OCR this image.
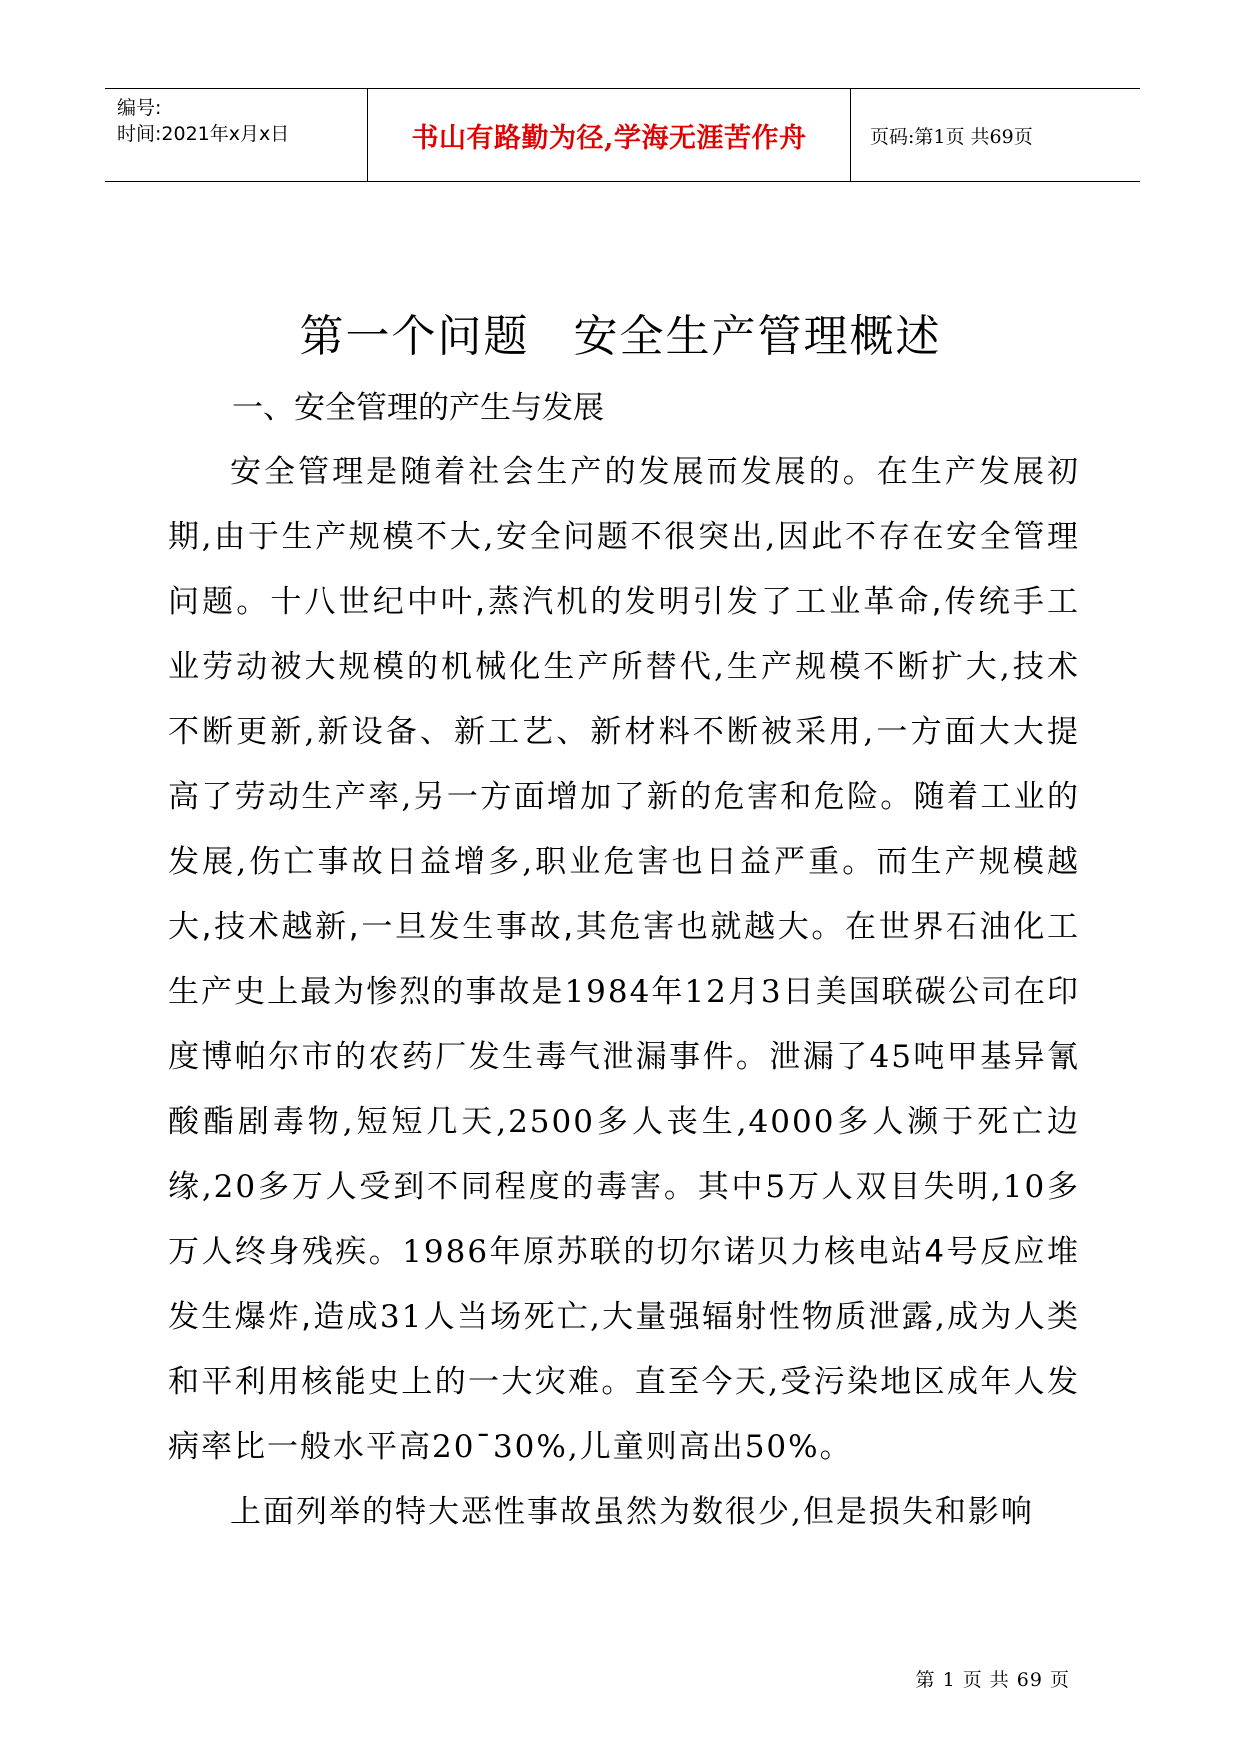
编号:
时间:2021年x月x日	书山有路勤为径,学海无涯苦作舟	页码:第1页 共69页
第一个问题 安全生产管理概述
一、安全管理的产生与发展

安全管理是随着社会生产的发展而发展的。在生产发展初期,由于生产规模不大,安全问题不很突出,因此不存在安全管理问题。十八世纪中叶,蒸汽机的发明引发了工业革命,传统手工业劳动被大规模的机械化生产所替代,生产规模不断扩大,技术不断更新,新设备、新工艺、新材料不断被采用,一方面大大提高了劳动生产率,另一方面增加了新的危害和危险。随着工业的发展,伤亡事故日益增多,职业危害也日益严重。而生产规模越大,技术越新,一旦发生事故,其危害也就越大。在世界石油化工生产史上最为惨烈的事故是1984年12月3日美国联碳公司在印度博帕尔市的农药厂发生毒气泄漏事件。泄漏了45吨甲基异氰酸酯剧毒物,短短几天,2500多人丧生,4000多人濒于死亡边缘,20多万人受到不同程度的毒害。其中5万人双目失明,10多万人终身残疾。1986年原苏联的切尔诺贝力核电站4号反应堆发生爆炸,造成31人当场死亡,大量强辐射性物质泄露,成为人类和平利用核能史上的一大灾难。直至今天,受污染地区成年人发病率比一般水平高20¯30%,儿童则高出50%。

上面列举的特大恶性事故虽然为数很少,但是损失和影响

第 1 页 共 69 页
